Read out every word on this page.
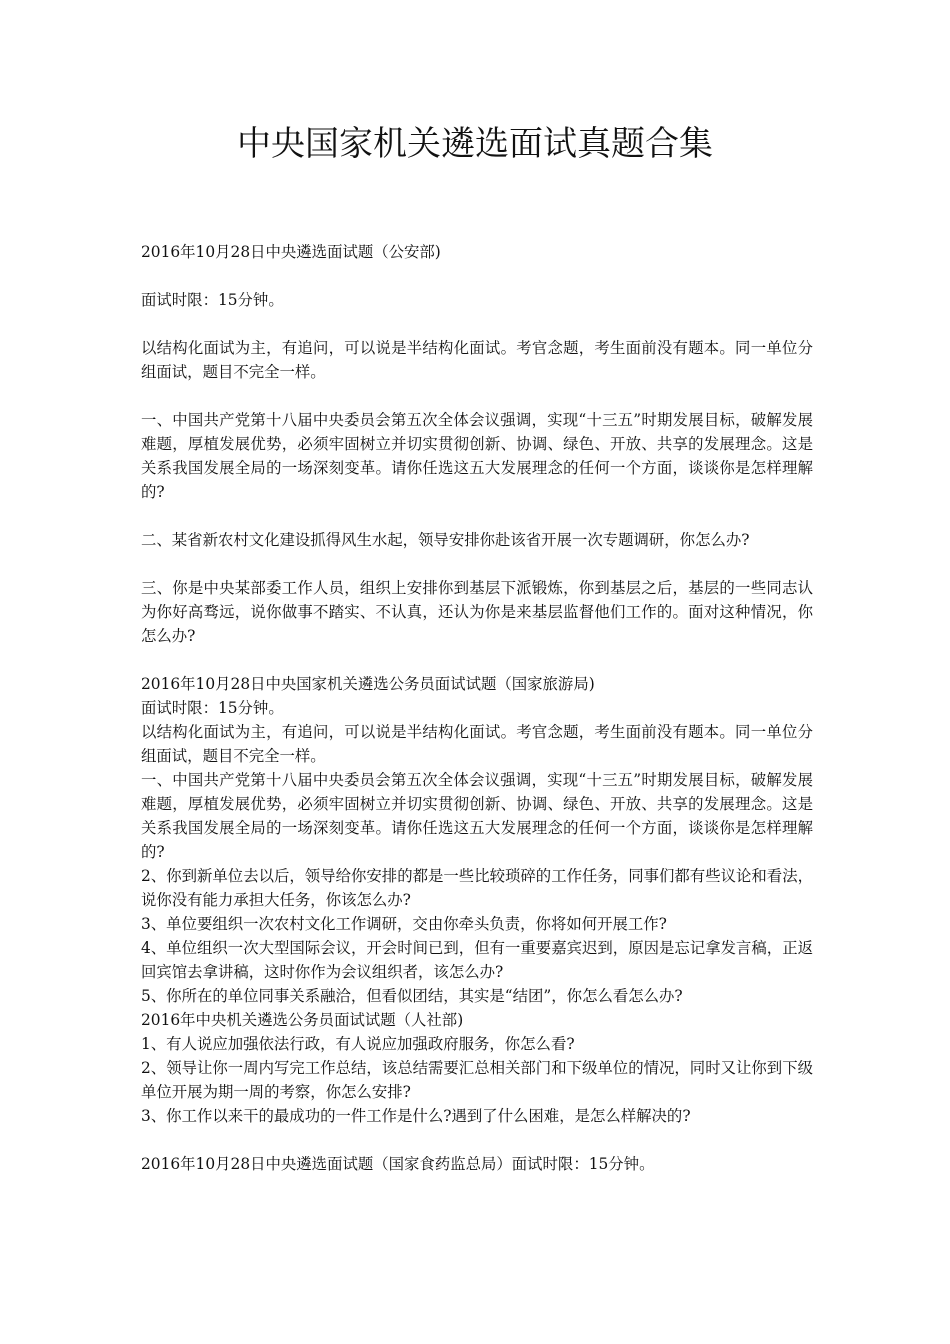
中央国家机关遴选面试真题合集

2016年10月28日中央遴选面试题（公安部)

面试时限：15分钟。

以结构化面试为主，有追问，可以说是半结构化面试。考官念题，考生面前没有题本。同一单位分组面试，题目不完全一样。

一、中国共产党第十八届中央委员会第五次全体会议强调，实现“十三五”时期发展目标，破解发展难题，厚植发展优势，必须牢固树立并切实贯彻创新、协调、绿色、开放、共享的发展理念。这是关系我国发展全局的一场深刻变革。请你任选这五大发展理念的任何一个方面，谈谈你是怎样理解的?

二、某省新农村文化建设抓得风生水起，领导安排你赴该省开展一次专题调研，你怎么办?

三、你是中央某部委工作人员，组织上安排你到基层下派锻炼，你到基层之后，基层的一些同志认为你好高骛远，说你做事不踏实、不认真，还认为你是来基层监督他们工作的。面对这种情况，你怎么办?

2016年10月28日中央国家机关遴选公务员面试试题（国家旅游局)

面试时限：15分钟。

以结构化面试为主，有追问，可以说是半结构化面试。考官念题，考生面前没有题本。同一单位分组面试，题目不完全一样。

一、中国共产党第十八届中央委员会第五次全体会议强调，实现“十三五”时期发展目标，破解发展难题，厚植发展优势，必须牢固树立并切实贯彻创新、协调、绿色、开放、共享的发展理念。这是关系我国发展全局的一场深刻变革。请你任选这五大发展理念的任何一个方面，谈谈你是怎样理解的?

2、你到新单位去以后，领导给你安排的都是一些比较琐碎的工作任务，同事们都有些议论和看法，说你没有能力承担大任务，你该怎么办?

3、单位要组织一次农村文化工作调研，交由你牵头负责，你将如何开展工作?

4、单位组织一次大型国际会议，开会时间已到，但有一重要嘉宾迟到，原因是忘记拿发言稿，正返回宾馆去拿讲稿，这时你作为会议组织者，该怎么办?

5、你所在的单位同事关系融洽，但看似团结，其实是“结团”，你怎么看怎么办?

2016年中央机关遴选公务员面试试题（人社部)

1、有人说应加强依法行政，有人说应加强政府服务，你怎么看?

2、领导让你一周内写完工作总结，该总结需要汇总相关部门和下级单位的情况，同时又让你到下级单位开展为期一周的考察，你怎么安排?

3、你工作以来干的最成功的一件工作是什么?遇到了什么困难，是怎么样解决的?

2016年10月28日中央遴选面试题（国家食药监总局）面试时限：15分钟。
